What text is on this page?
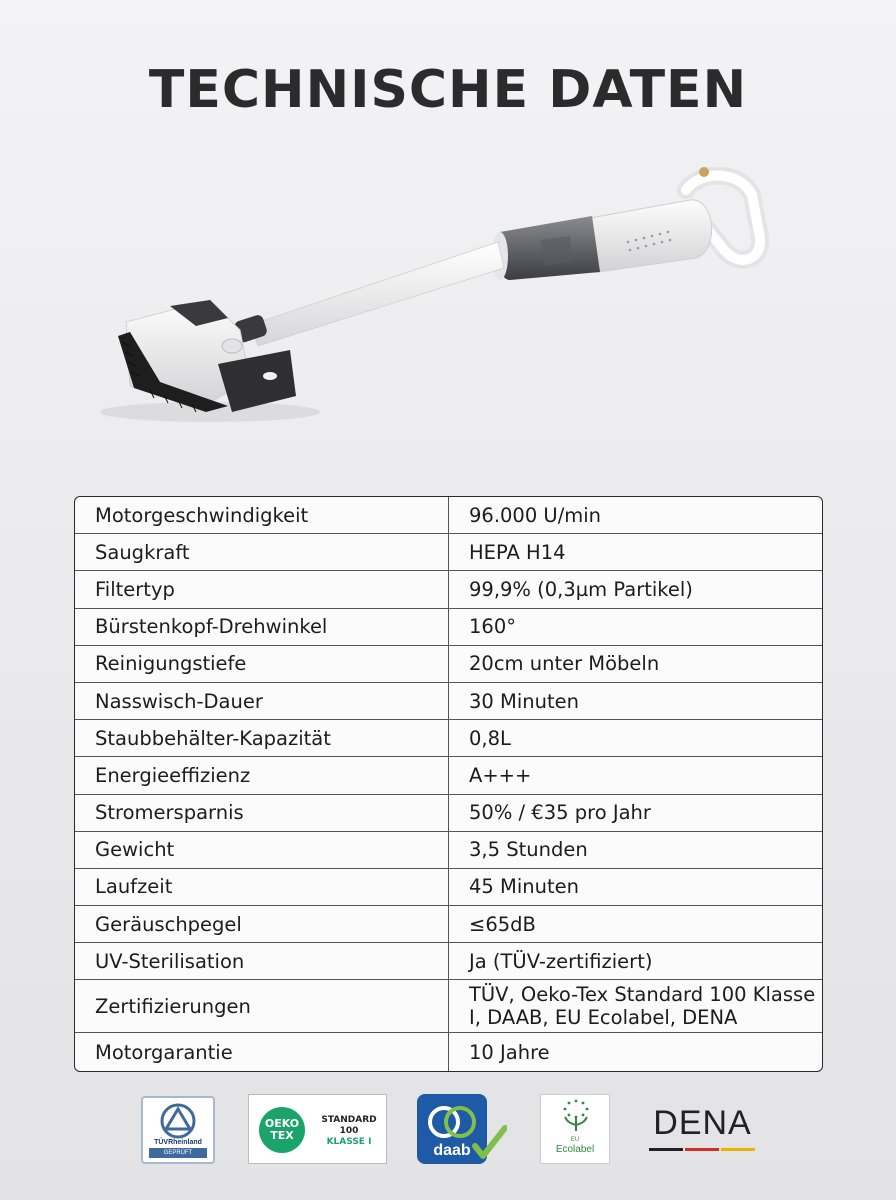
TECHNISCHE DATEN
Motorgeschwindigkeit	96.000 U/min
Saugkraft	HEPA H14
Filtertyp	99,9% (0,3µm Partikel)
Bürstenkopf-Drehwinkel	160°
Reinigungstiefe	20cm unter Möbeln
Nasswisch-Dauer	30 Minuten
Staubbehälter-Kapazität	0,8L
Energieeffizienz	A+++
Stromersparnis	50% / €35 pro Jahr
Gewicht	3,5 Stunden
Laufzeit	45 Minuten
Geräuschpegel	≤65dB
UV-Sterilisation	Ja (TÜV-zertifiziert)
Zertifizierungen	TÜV, Oeko-Tex Standard 100 Klasse I, DAAB, EU Ecolabel, DENA
Motorgarantie	10 Jahre
TÜVRheinland
GEPRÜFT
OEKO
TEX
STANDARD
100
KLASSE I	daab
EU
Ecolabel
DENA
